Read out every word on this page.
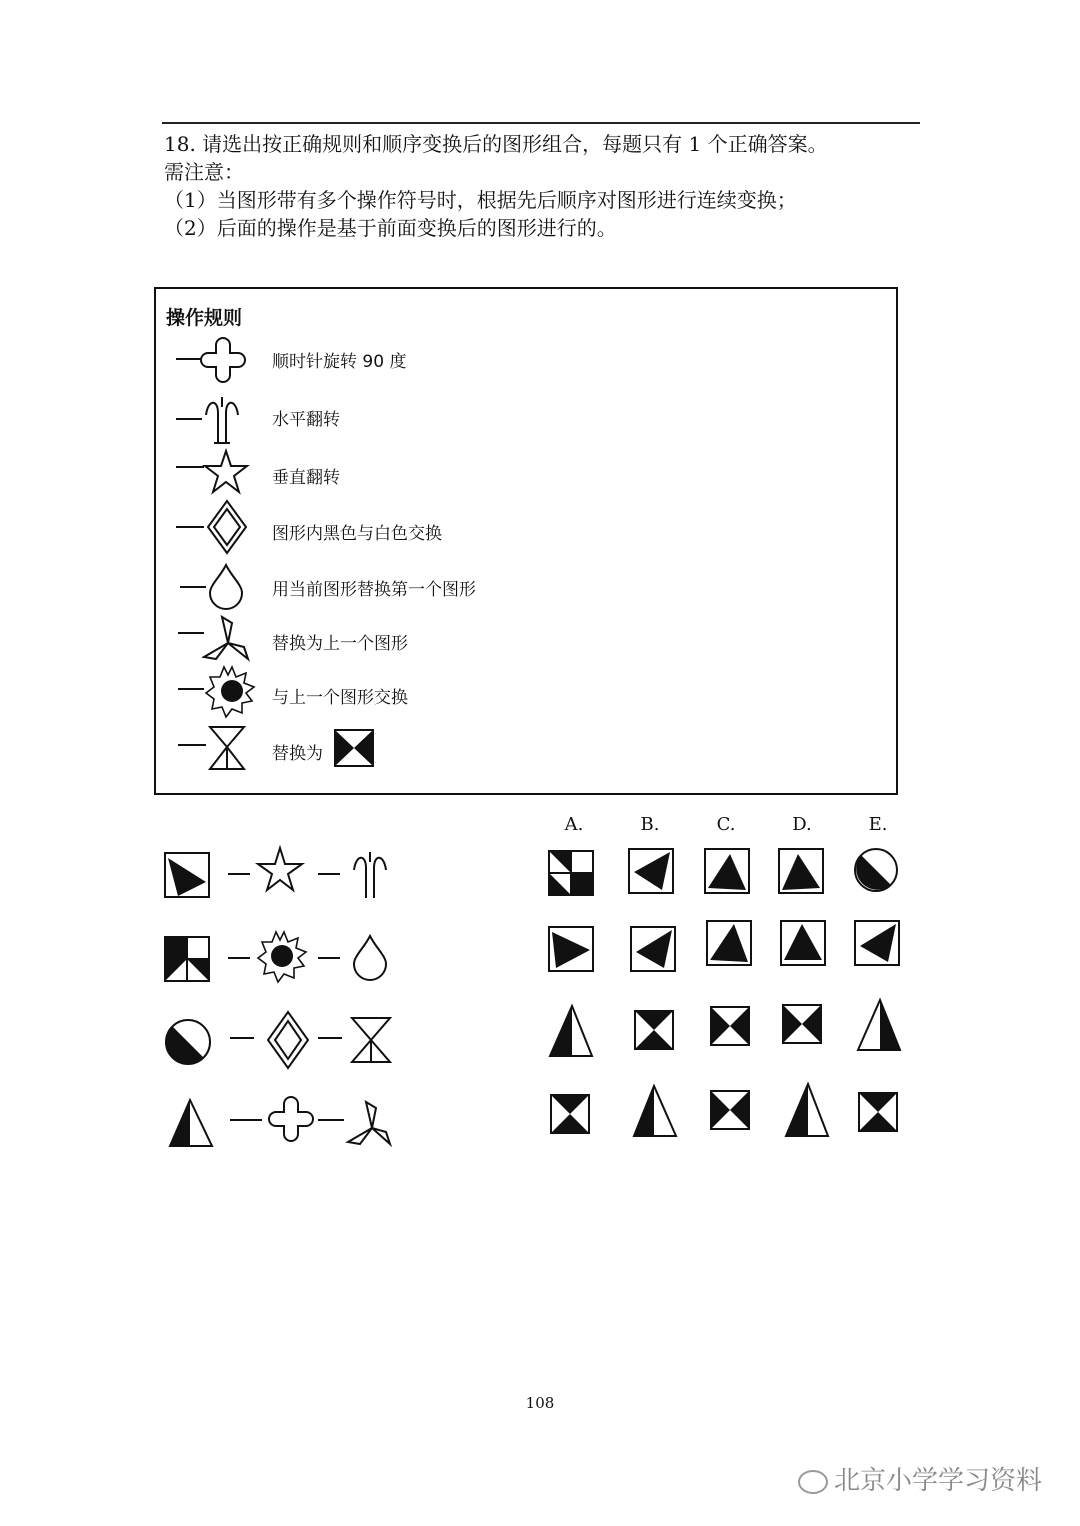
18. 请选出按正确规则和顺序变换后的图形组合，每题只有 1 个正确答案。
需注意：
（1）当图形带有多个操作符号时，根据先后顺序对图形进行连续变换；
（2）后面的操作是基于前面变换后的图形进行的。
操作规则
顺时针旋转 90 度
水平翻转
垂直翻转
图形内黑色与白色交换
用当前图形替换第一个图形
替换为上一个图形
与上一个图形交换
替换为
A.	B.	C.	D.	E.
108
北京小学学习资料
